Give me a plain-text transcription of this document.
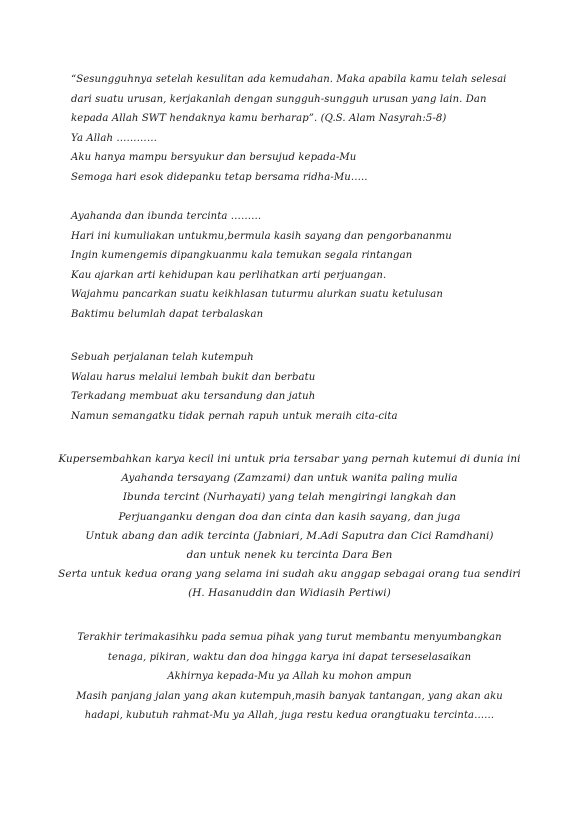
“Sesungguhnya setelah kesulitan ada kemudahan. Maka apabila kamu telah selesai
dari suatu urusan, kerjakanlah dengan sungguh-sungguh urusan yang lain. Dan
kepada Allah SWT hendaknya kamu berharap”. (Q.S. Alam Nasyrah:5-8)
Ya Allah …………
Aku hanya mampu bersyukur dan bersujud kepada-Mu
Semoga hari esok didepanku tetap bersama ridha-Mu…..
Ayahanda dan ibunda tercinta ………
Hari ini kumuliakan untukmu,bermula kasih sayang dan pengorbananmu
Ingin kumengemis dipangkuanmu kala temukan segala rintangan
Kau ajarkan arti kehidupan kau perlihatkan arti perjuangan.
Wajahmu pancarkan suatu keikhlasan tuturmu alurkan suatu ketulusan
Baktimu belumlah dapat terbalaskan
Sebuah perjalanan telah kutempuh
Walau harus melalui lembah bukit dan berbatu
Terkadang membuat aku tersandung dan jatuh
Namun semangatku tidak pernah rapuh untuk meraih cita-cita
Kupersembahkan karya kecil ini untuk pria tersabar yang pernah kutemui di dunia ini
Ayahanda tersayang (Zamzami) dan untuk wanita paling mulia
Ibunda tercint (Nurhayati) yang telah mengiringi langkah dan
Perjuanganku dengan doa dan cinta dan kasih sayang, dan juga
Untuk abang dan adik tercinta (Jabniari, M.Adi Saputra dan Cici Ramdhani)
dan untuk nenek ku tercinta Dara Ben
Serta untuk kedua orang yang selama ini sudah aku anggap sebagai orang tua sendiri
(H. Hasanuddin dan Widiasih Pertiwi)
Terakhir terimakasihku pada semua pihak yang turut membantu menyumbangkan
tenaga, pikiran, waktu dan doa hingga karya ini dapat terseselasaikan
Akhirnya kepada-Mu ya Allah ku mohon ampun
Masih panjang jalan yang akan kutempuh,masih banyak tantangan, yang akan aku
hadapi, kubutuh rahmat-Mu ya Allah, juga restu kedua orangtuaku tercinta……
